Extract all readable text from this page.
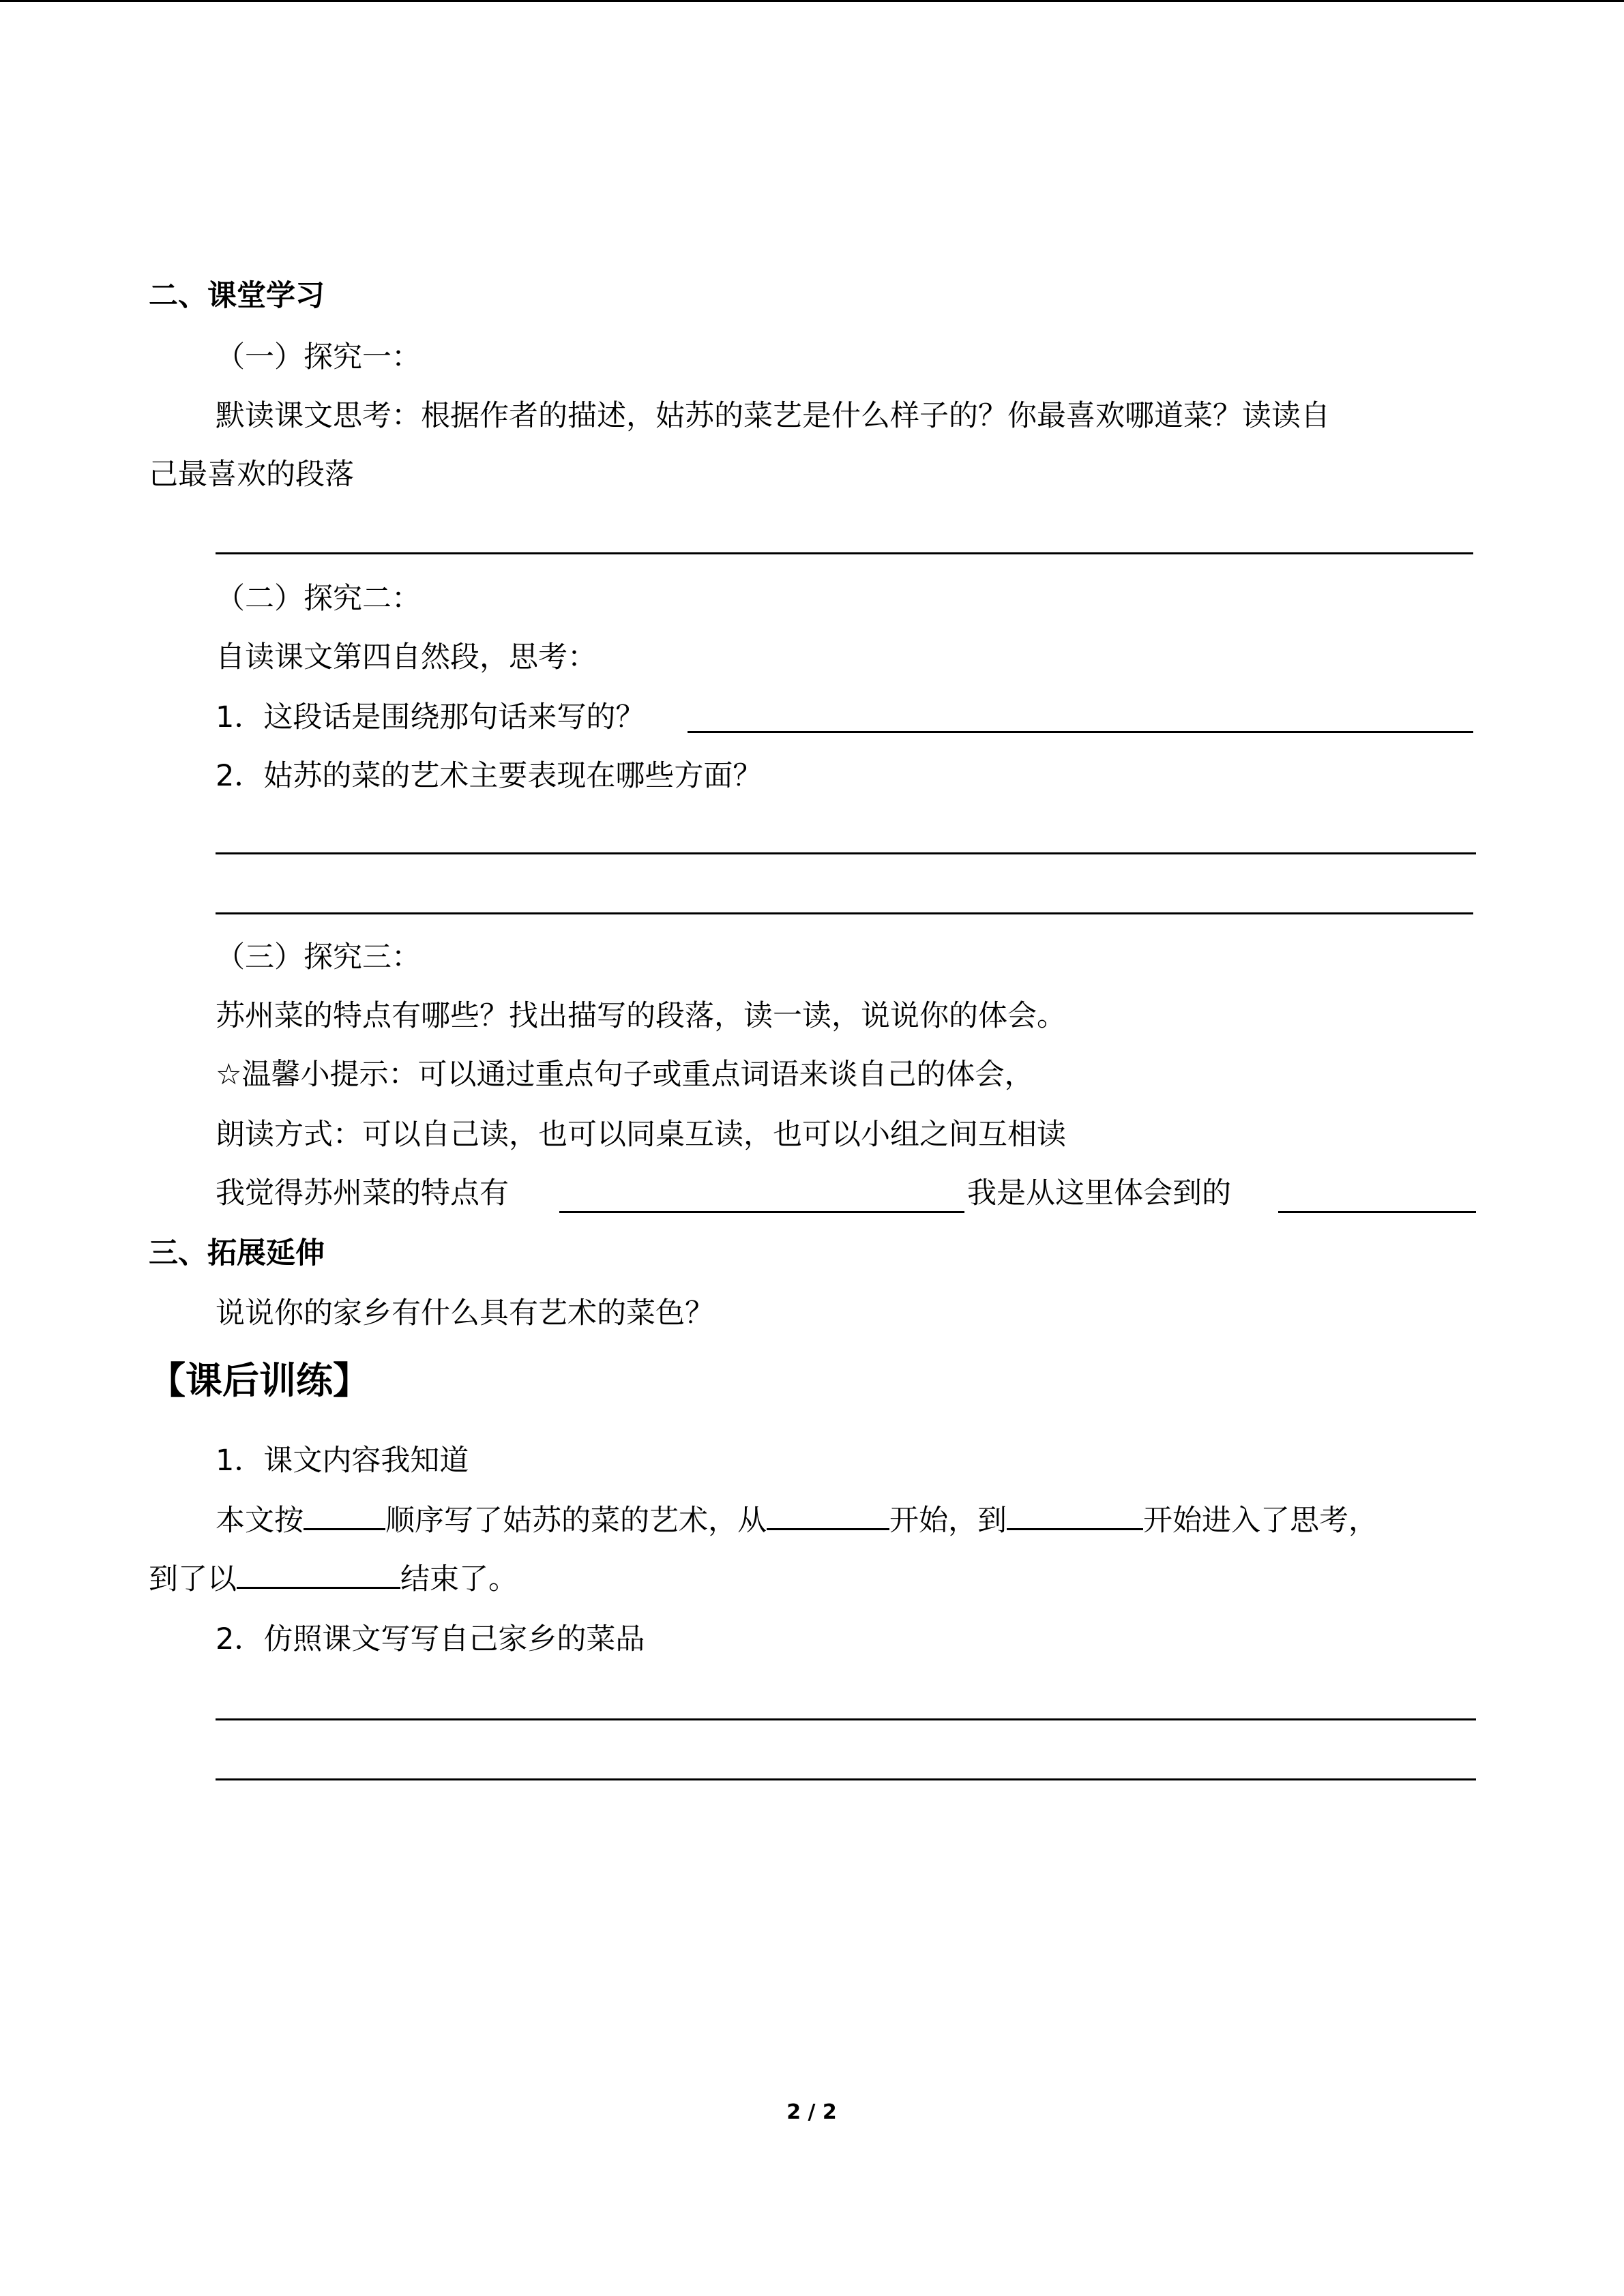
二、课堂学习
（一）探究一：
默读课文思考：根据作者的描述，姑苏的菜艺是什么样子的？你最喜欢哪道菜？读读自
己最喜欢的段落
（二）探究二：
自读课文第四自然段，思考：
1．这段话是围绕那句话来写的？
2．姑苏的菜的艺术主要表现在哪些方面？
（三）探究三：
苏州菜的特点有哪些？找出描写的段落，读一读，说说你的体会。
☆温馨小提示：可以通过重点句子或重点词语来谈自己的体会，
朗读方式：可以自己读，也可以同桌互读，也可以小组之间互相读
我觉得苏州菜的特点有	我是从这里体会到的
三、拓展延伸
说说你的家乡有什么具有艺术的菜色？
【课后训练】
1．课文内容我知道
本文按	顺序写了姑苏的菜的艺术，从	开始，到	开始进入了思考，
到了以	结束了。
2．仿照课文写写自己家乡的菜品
2 / 2
